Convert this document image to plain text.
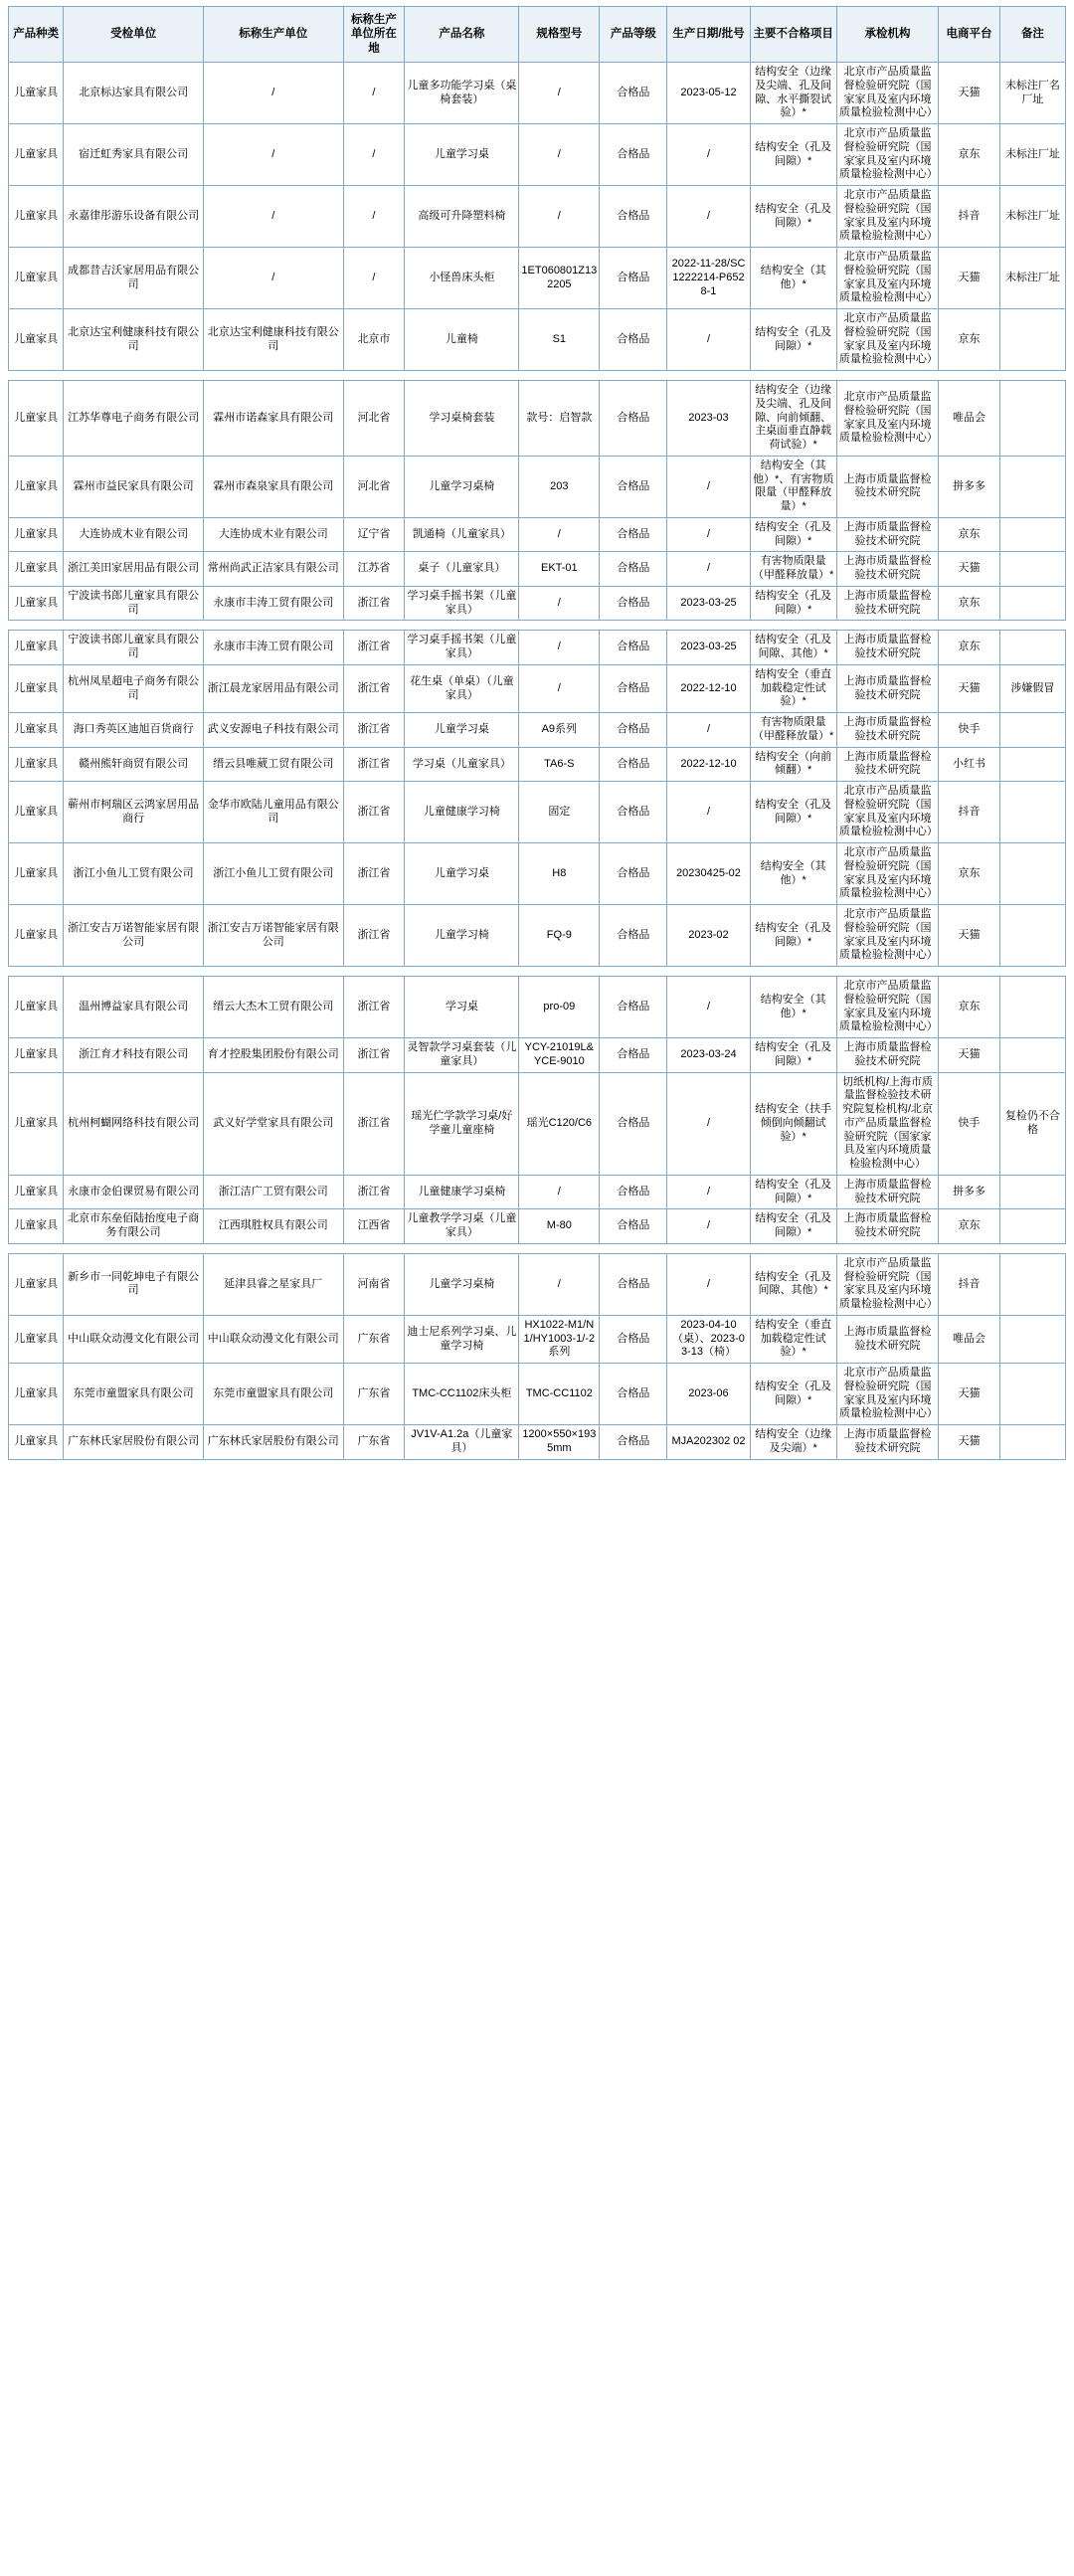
产品种类	受检单位	标称生产单位	标称生产单位所在地	产品名称	规格型号	产品等级	生产日期/批号	主要不合格项目	承检机构	电商平台	备注
儿童家具	北京标达家具有限公司	/	/	儿童多功能学习桌（桌椅套装）	/	合格品	2023-05-12	结构安全（边缘及尖端、孔及间隙、水平撕裂试验）*	北京市产品质量监督检验研究院（国家家具及室内环境质量检验检测中心）	天猫	未标注厂名厂址
儿童家具	宿迁虹秀家具有限公司	/	/	儿童学习桌	/	合格品	/	结构安全（孔及间隙）*	北京市产品质量监督检验研究院（国家家具及室内环境质量检验检测中心）	京东	未标注厂址
儿童家具	永嘉律彤游乐设备有限公司	/	/	高级可升降塑料椅	/	合格品	/	结构安全（孔及间隙）*	北京市产品质量监督检验研究院（国家家具及室内环境质量检验检测中心）	抖音	未标注厂址
儿童家具	成都昔吉沃家居用品有限公司	/	/	小怪兽床头柜	1ET060801Z132205	合格品	2022-11-28/SC1222214-P6528-1	结构安全（其他）*	北京市产品质量监督检验研究院（国家家具及室内环境质量检验检测中心）	天猫	未标注厂址
儿童家具	北京达宝利健康科技有限公司	北京达宝利健康科技有限公司	北京市	儿童椅	S1	合格品	/	结构安全（孔及间隙）*	北京市产品质量监督检验研究院（国家家具及室内环境质量检验检测中心）	京东	

儿童家具	江苏华尊电子商务有限公司	霖州市诺森家具有限公司	河北省	学习桌椅套装	款号：启智款	合格品	2023-03	结构安全（边缘及尖端、孔及间隙、向前倾翻、主桌面垂直静载荷试验）*	北京市产品质量监督检验研究院（国家家具及室内环境质量检验检测中心）	唯品会	
儿童家具	霖州市益民家具有限公司	霖州市森泉家具有限公司	河北省	儿童学习桌椅	203	合格品	/	结构安全（其他）*、有害物质限量（甲醛释放量）*	上海市质量监督检验技术研究院	拼多多	
儿童家具	大连协成木业有限公司	大连协成木业有限公司	辽宁省	凯通椅（儿童家具）	/	合格品	/	结构安全（孔及间隙）*	上海市质量监督检验技术研究院	京东	
儿童家具	浙江美田家居用品有限公司	常州尚武正洁家具有限公司	江苏省	桌子（儿童家具）	EKT-01	合格品	/	有害物质限量（甲醛释放量）*	上海市质量监督检验技术研究院	天猫	
儿童家具	宁波读书郎儿童家具有限公司	永康市丰涛工贸有限公司	浙江省	学习桌手摇书架（儿童家具）	/	合格品	2023-03-25	结构安全（孔及间隙）*	上海市质量监督检验技术研究院	京东	

儿童家具	宁波读书郎儿童家具有限公司	永康市丰涛工贸有限公司	浙江省	学习桌手摇书架（儿童家具）	/	合格品	2023-03-25	结构安全（孔及间隙、其他）*	上海市质量监督检验技术研究院	京东	
儿童家具	杭州凤星超电子商务有限公司	浙江晨龙家居用品有限公司	浙江省	花生桌（单桌）（儿童家具）	/	合格品	2022-12-10	结构安全（垂直加载稳定性试验）*	上海市质量监督检验技术研究院	天猫	涉嫌假冒
儿童家具	海口秀英区迪旭百货商行	武义安源电子科技有限公司	浙江省	儿童学习桌	A9系列	合格品	/	有害物质限量（甲醛释放量）*	上海市质量监督检验技术研究院	快手	
儿童家具	赣州熊轩商贸有限公司	缙云县唯葳工贸有限公司	浙江省	学习桌（儿童家具）	TA6-S	合格品	2022-12-10	结构安全（向前倾翻）*	上海市质量监督检验技术研究院	小红书	
儿童家具	蕲州市柯瑞区云鸿家居用品商行	金华市欧陆儿童用品有限公司	浙江省	儿童健康学习椅	固定	合格品	/	结构安全（孔及间隙）*	北京市产品质量监督检验研究院（国家家具及室内环境质量检验检测中心）	抖音	
儿童家具	浙江小鱼儿工贸有限公司	浙江小鱼儿工贸有限公司	浙江省	儿童学习桌	H8	合格品	20230425-02	结构安全（其他）*	北京市产品质量监督检验研究院（国家家具及室内环境质量检验检测中心）	京东	
儿童家具	浙江安吉万诺智能家居有限公司	浙江安吉万诺智能家居有限公司	浙江省	儿童学习椅	FQ-9	合格品	2023-02	结构安全（孔及间隙）*	北京市产品质量监督检验研究院（国家家具及室内环境质量检验检测中心）	天猫	

儿童家具	温州博益家具有限公司	缙云大杰木工贸有限公司	浙江省	学习桌	pro-09	合格品	/	结构安全（其他）*	北京市产品质量监督检验研究院（国家家具及室内环境质量检验检测中心）	京东	
儿童家具	浙江育才科技有限公司	育才控股集团股份有限公司	浙江省	灵智款学习桌套装（儿童家具）	YCY-21019L&YCE-9010	合格品	2023-03-24	结构安全（孔及间隙）*	上海市质量监督检验技术研究院	天猫	
儿童家具	杭州柯蝴网络科技有限公司	武义好学堂家具有限公司	浙江省	瑶光伫学款学习桌/好学童儿童座椅	瑶光C120/C6	合格品	/	结构安全（扶手倾倒向倾翻试验）*	切纸机构/上海市质量监督检验技术研究院复检机构/北京市产品质量监督检验研究院（国家家具及室内环境质量检验检测中心）	快手	复检仍不合格
儿童家具	永康市金伯课贸易有限公司	浙江洁广工贸有限公司	浙江省	儿童健康学习桌椅	/	合格品	/	结构安全（孔及间隙）*	上海市质量监督检验技术研究院	拼多多	
儿童家具	北京市东垒佰陆抬度电子商务有限公司	江西琪胜权具有限公司	江西省	儿童教学学习桌（儿童家具）	M-80	合格品	/	结构安全（孔及间隙）*	上海市质量监督检验技术研究院	京东	

儿童家具	新乡市一同乾坤电子有限公司	延津县睿之星家具厂	河南省	儿童学习桌椅	/	合格品	/	结构安全（孔及间隙、其他）*	北京市产品质量监督检验研究院（国家家具及室内环境质量检验检测中心）	抖音	
儿童家具	中山联众动漫文化有限公司	中山联众动漫文化有限公司	广东省	迪士尼系列学习桌、儿童学习椅	HX1022-M1/N1/HY1003-1/-2系列	合格品	2023-04-10（桌）、2023-03-13（椅）	结构安全（垂直加载稳定性试验）*	上海市质量监督检验技术研究院	唯品会	
儿童家具	东莞市童盟家具有限公司	东莞市童盟家具有限公司	广东省	TMC-CC1102床头柜	TMC-CC1102	合格品	2023-06	结构安全（孔及间隙）*	北京市产品质量监督检验研究院（国家家具及室内环境质量检验检测中心）	天猫	
儿童家具	广东林氏家居股份有限公司	广东林氏家居股份有限公司	广东省	JV1V-A1.2a（儿童家具）	1200×550×1935mm	合格品	MJA202302 02	结构安全（边缘及尖端）*	上海市质量监督检验技术研究院	天猫	
